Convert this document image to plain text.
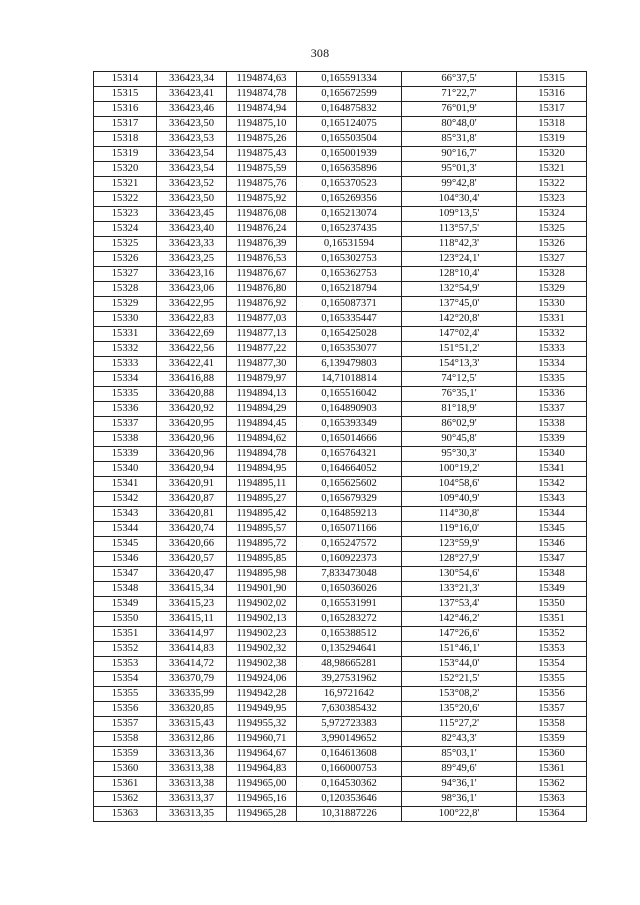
308
15314	336423,34	1194874,63	0,165591334	66°37,5'	15315
15315	336423,41	1194874,78	0,165672599	71°22,7'	15316
15316	336423,46	1194874,94	0,164875832	76°01,9'	15317
15317	336423,50	1194875,10	0,165124075	80°48,0'	15318
15318	336423,53	1194875,26	0,165503504	85°31,8'	15319
15319	336423,54	1194875,43	0,165001939	90°16,7'	15320
15320	336423,54	1194875,59	0,165635896	95°01,3'	15321
15321	336423,52	1194875,76	0,165370523	99°42,8'	15322
15322	336423,50	1194875,92	0,165269356	104°30,4'	15323
15323	336423,45	1194876,08	0,165213074	109°13,5'	15324
15324	336423,40	1194876,24	0,165237435	113°57,5'	15325
15325	336423,33	1194876,39	0,16531594	118°42,3'	15326
15326	336423,25	1194876,53	0,165302753	123°24,1'	15327
15327	336423,16	1194876,67	0,165362753	128°10,4'	15328
15328	336423,06	1194876,80	0,165218794	132°54,9'	15329
15329	336422,95	1194876,92	0,165087371	137°45,0'	15330
15330	336422,83	1194877,03	0,165335447	142°20,8'	15331
15331	336422,69	1194877,13	0,165425028	147°02,4'	15332
15332	336422,56	1194877,22	0,165353077	151°51,2'	15333
15333	336422,41	1194877,30	6,139479803	154°13,3'	15334
15334	336416,88	1194879,97	14,71018814	74°12,5'	15335
15335	336420,88	1194894,13	0,165516042	76°35,1'	15336
15336	336420,92	1194894,29	0,164890903	81°18,9'	15337
15337	336420,95	1194894,45	0,165393349	86°02,9'	15338
15338	336420,96	1194894,62	0,165014666	90°45,8'	15339
15339	336420,96	1194894,78	0,165764321	95°30,3'	15340
15340	336420,94	1194894,95	0,164664052	100°19,2'	15341
15341	336420,91	1194895,11	0,165625602	104°58,6'	15342
15342	336420,87	1194895,27	0,165679329	109°40,9'	15343
15343	336420,81	1194895,42	0,164859213	114°30,8'	15344
15344	336420,74	1194895,57	0,165071166	119°16,0'	15345
15345	336420,66	1194895,72	0,165247572	123°59,9'	15346
15346	336420,57	1194895,85	0,160922373	128°27,9'	15347
15347	336420,47	1194895,98	7,833473048	130°54,6'	15348
15348	336415,34	1194901,90	0,165036026	133°21,3'	15349
15349	336415,23	1194902,02	0,165531991	137°53,4'	15350
15350	336415,11	1194902,13	0,165283272	142°46,2'	15351
15351	336414,97	1194902,23	0,165388512	147°26,6'	15352
15352	336414,83	1194902,32	0,135294641	151°46,1'	15353
15353	336414,72	1194902,38	48,98665281	153°44,0'	15354
15354	336370,79	1194924,06	39,27531962	152°21,5'	15355
15355	336335,99	1194942,28	16,9721642	153°08,2'	15356
15356	336320,85	1194949,95	7,630385432	135°20,6'	15357
15357	336315,43	1194955,32	5,972723383	115°27,2'	15358
15358	336312,86	1194960,71	3,990149652	82°43,3'	15359
15359	336313,36	1194964,67	0,164613608	85°03,1'	15360
15360	336313,38	1194964,83	0,166000753	89°49,6'	15361
15361	336313,38	1194965,00	0,164530362	94°36,1'	15362
15362	336313,37	1194965,16	0,120353646	98°36,1'	15363
15363	336313,35	1194965,28	10,31887226	100°22,8'	15364
